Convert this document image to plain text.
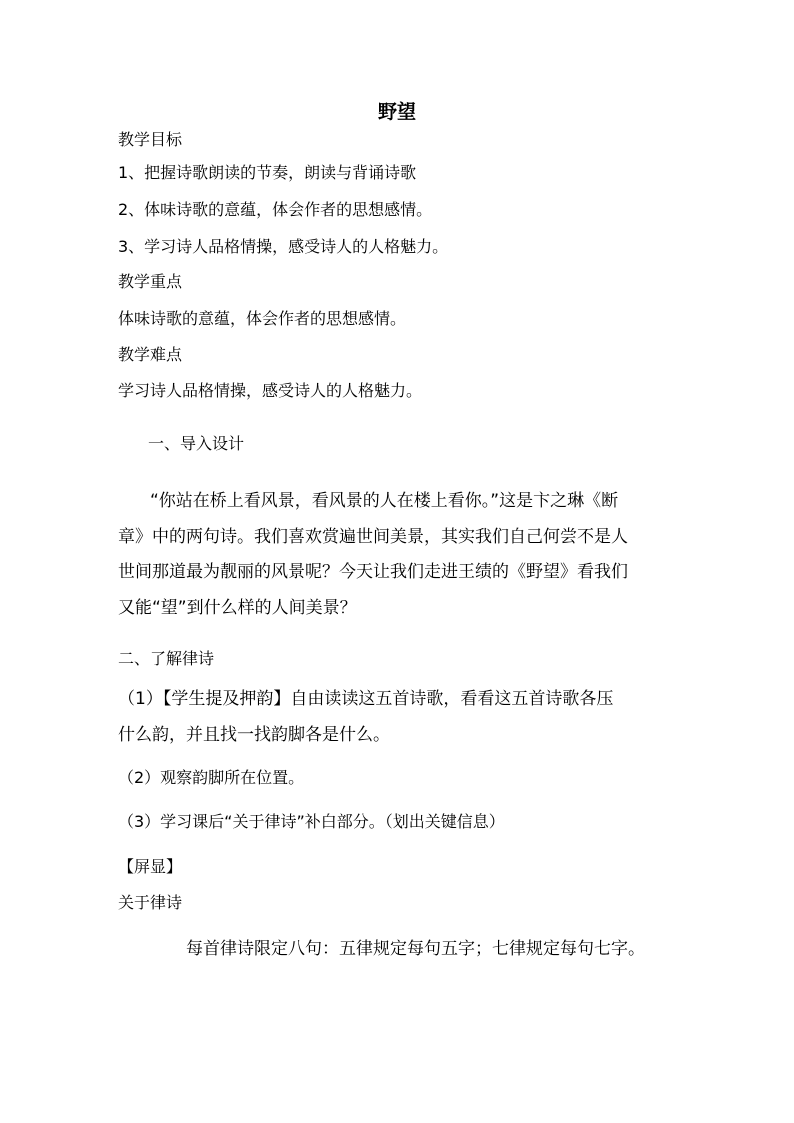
野望
教学目标
1、把握诗歌朗读的节奏，朗读与背诵诗歌
2、体味诗歌的意蕴，体会作者的思想感情。
3、学习诗人品格情操，感受诗人的人格魅力。
教学重点
体味诗歌的意蕴，体会作者的思想感情。
教学难点
学习诗人品格情操，感受诗人的人格魅力。
一、导入设计
“你站在桥上看风景，看风景的人在楼上看你。”这是卞之琳《断
章》中的两句诗。我们喜欢赏遍世间美景，其实我们自己何尝不是人
世间那道最为靓丽的风景呢？今天让我们走进王绩的《野望》看我们
又能“望”到什么样的人间美景？
二、了解律诗
（1）【学生提及押韵】自由读读这五首诗歌，看看这五首诗歌各压
什么韵，并且找一找韵脚各是什么。
（2）观察韵脚所在位置。
（3）学习课后“关于律诗”补白部分。（划出关键信息）
【屏显】
关于律诗
每首律诗限定八句：五律规定每句五字；七律规定每句七字。
